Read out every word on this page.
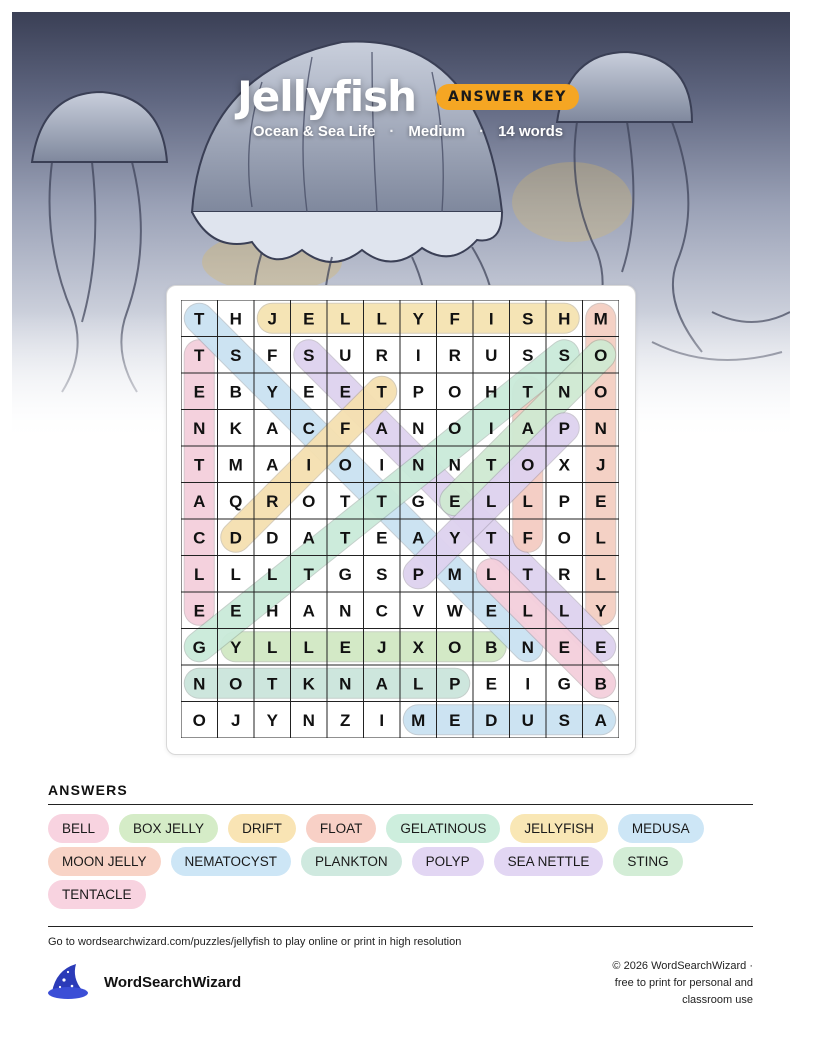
Jellyfish	ANSWER KEY
Ocean & Sea Life · Medium · 14 words
T H J E L L Y F I S H M
T S F S U R I R U S S O
E B Y E E T P O H T N O
N K A C F A N O I A P N
T M A I O I N N T O X J
A Q R O T T G E L L P E
C D D A T E A Y T F O L
L L L T G S P M L T R L
E E H A N C V W E L L Y
G Y L L E J X O B N E E
N O T K N A L P E I G B
O J Y N Z I M E D U S A
ANSWERS
BELL	BOX JELLY	DRIFT	FLOAT	GELATINOUS	JELLYFISH	MEDUSA
MOON JELLY	NEMATOCYST	PLANKTON	POLYP	SEA NETTLE	STING
TENTACLE
Go to wordsearchwizard.com/puzzles/jellyfish to play online or print in high resolution
WordSearchWizard
© 2026 WordSearchWizard ·
free to print for personal and
classroom use
